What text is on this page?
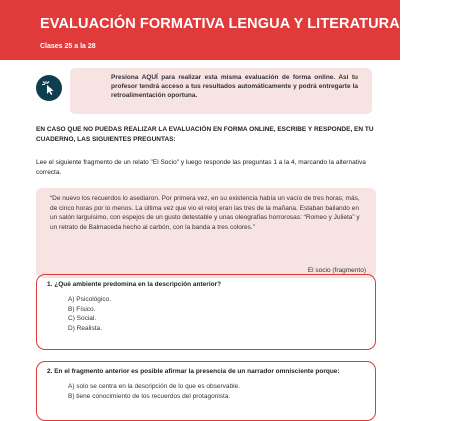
EVALUACIÓN FORMATIVA LENGUA Y LITERATURA I° Medio
Clases 25 a la 28
Presiona AQUÍ para realizar esta misma evaluación de forma online. Así tu profesor tendrá acceso a tus resultados automáticamente y podrá entregarte la retroalimentación oportuna.
EN CASO QUE NO PUEDAS REALIZAR LA EVALUACIÓN EN FORMA ONLINE, ESCRIBE Y RESPONDE, EN TU CUADERNO, LAS SIGUIENTES PREGUNTAS:
Lee el siguiente fragmento de un relato "El Socio" y luego responde las preguntas 1 a la 4, marcando la alternativa correcta.
“De nuevo los recuerdos lo asediaron. Por primera vez, en su existencia había un vacío de tres horas; más, de cinco horas por lo menos. La última vez que vio el reloj eran las tres de la mañana. Estaban bailando en un salón larguísimo, con espejos de un gusto detestable y unas oleografías horrorosas: “Romeo y Julieta” y un retrato de Balmaceda hecho al carbón, con la banda a tres colores.”
El socio (fragmento)
1. ¿Qué ambiente predomina en la descripción anterior?
A) Psicológico.
B) Físico.
C) Social.
D) Realista.
2. En el fragmento anterior es posible afirmar la presencia de un narrador omnisciente porque:
A) solo se centra en la descripción de lo que es observable.
B) tiene conocimiento de los recuerdos del protagonista.
